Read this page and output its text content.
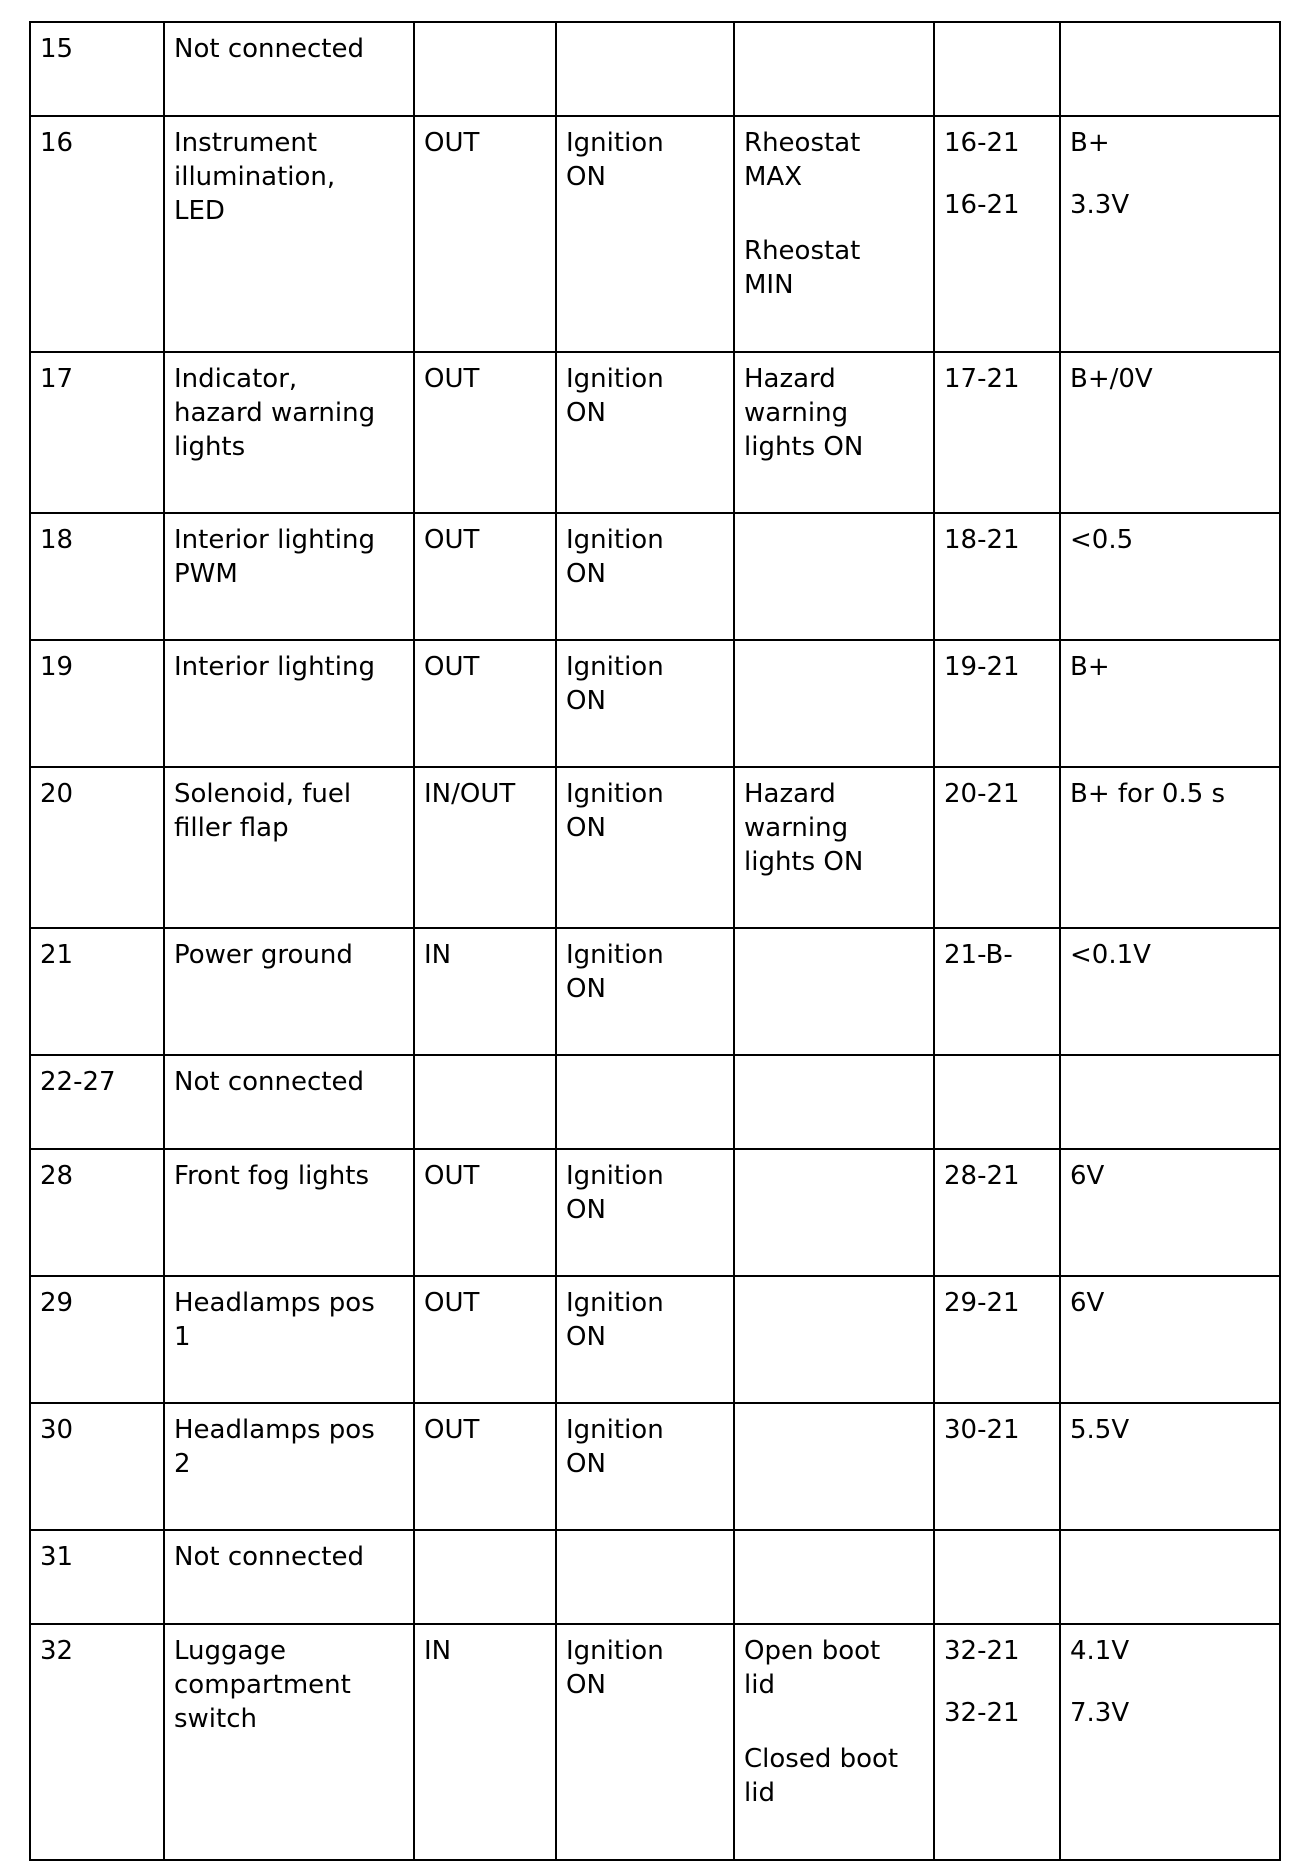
15	Not connected					

16	Instrument
illumination,
LED	OUT	Ignition
ON	Rheostat
MAX
Rheostat
MIN	16-21
16-21	B+
3.3V

17	Indicator,
hazard warning
lights	OUT	Ignition
ON	Hazard
warning
lights ON	17-21	B+/0V

18	Interior lighting
PWM	OUT	Ignition
ON		18-21	<0.5

19	Interior lighting	OUT	Ignition
ON		19-21	B+

20	Solenoid, fuel
filler flap	IN/OUT	Ignition
ON	Hazard
warning
lights ON	20-21	B+ for 0.5 s

21	Power ground	IN	Ignition
ON		21-B-	<0.1V

22-27	Not connected					

28	Front fog lights	OUT	Ignition
ON		28-21	6V

29	Headlamps pos
1	OUT	Ignition
ON		29-21	6V

30	Headlamps pos
2	OUT	Ignition
ON		30-21	5.5V

31	Not connected					

32	Luggage
compartment
switch	IN	Ignition
ON	Open boot
lid
Closed boot
lid	32-21
32-21	4.1V
7.3V
